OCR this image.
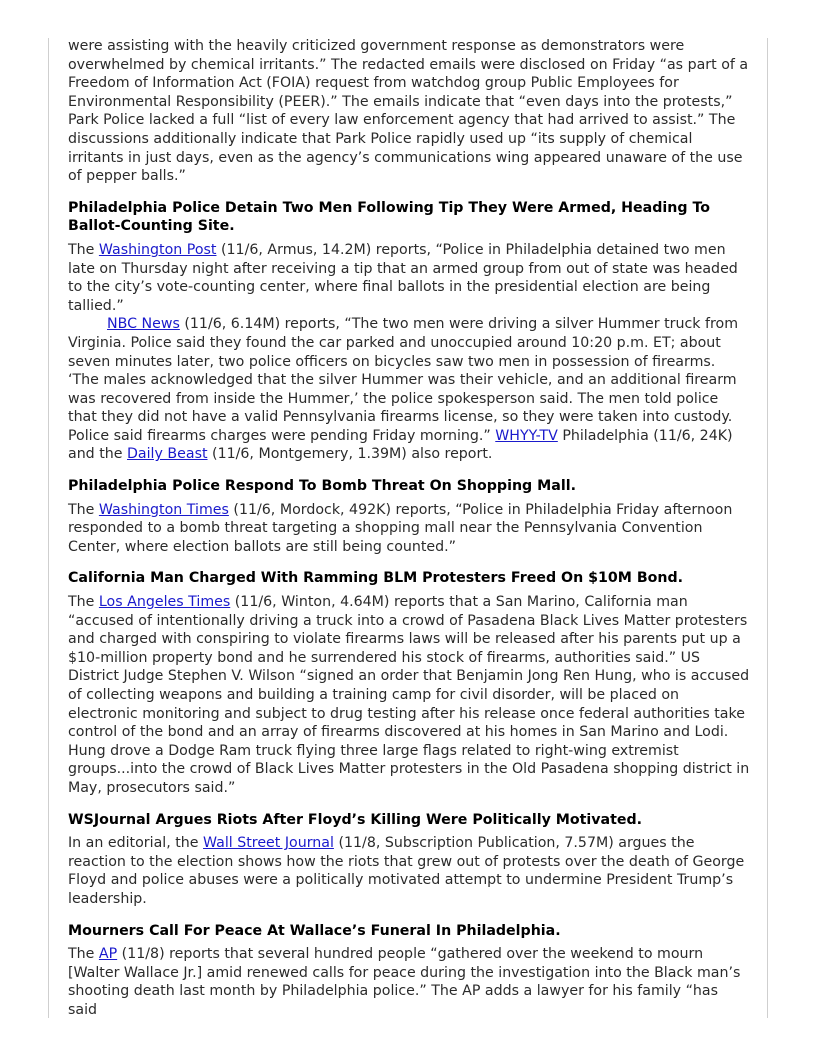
were assisting with the heavily criticized government response as demonstrators were overwhelmed by chemical irritants.” The redacted emails were disclosed on Friday “as part of a Freedom of Information Act (FOIA) request from watchdog group Public Employees for Environmental Responsibility (PEER).” The emails indicate that “even days into the protests,” Park Police lacked a full “list of every law enforcement agency that had arrived to assist.” The discussions additionally indicate that Park Police rapidly used up “its supply of chemical irritants in just days, even as the agency’s communications wing appeared unaware of the use of pepper balls.”

Philadelphia Police Detain Two Men Following Tip They Were Armed, Heading To Ballot-Counting Site.

The Washington Post (11/6, Armus, 14.2M) reports, “Police in Philadelphia detained two men late on Thursday night after receiving a tip that an armed group from out of state was headed to the city’s vote-counting center, where final ballots in the presidential election are being tallied.”

NBC News (11/6, 6.14M) reports, “The two men were driving a silver Hummer truck from Virginia. Police said they found the car parked and unoccupied around 10:20 p.m. ET; about seven minutes later, two police officers on bicycles saw two men in possession of firearms. ‘The males acknowledged that the silver Hummer was their vehicle, and an additional firearm was recovered from inside the Hummer,’ the police spokesperson said. The men told police that they did not have a valid Pennsylvania firearms license, so they were taken into custody. Police said firearms charges were pending Friday morning.” WHYY-TV Philadelphia (11/6, 24K) and the Daily Beast (11/6, Montgemery, 1.39M) also report.

Philadelphia Police Respond To Bomb Threat On Shopping Mall.

The Washington Times (11/6, Mordock, 492K) reports, “Police in Philadelphia Friday afternoon responded to a bomb threat targeting a shopping mall near the Pennsylvania Convention Center, where election ballots are still being counted.”

California Man Charged With Ramming BLM Protesters Freed On $10M Bond.

The Los Angeles Times (11/6, Winton, 4.64M) reports that a San Marino, California man “accused of intentionally driving a truck into a crowd of Pasadena Black Lives Matter protesters and charged with conspiring to violate firearms laws will be released after his parents put up a $10-million property bond and he surrendered his stock of firearms, authorities said.” US District Judge Stephen V. Wilson “signed an order that Benjamin Jong Ren Hung, who is accused of collecting weapons and building a training camp for civil disorder, will be placed on electronic monitoring and subject to drug testing after his release once federal authorities take control of the bond and an array of firearms discovered at his homes in San Marino and Lodi. Hung drove a Dodge Ram truck flying three large flags related to right-wing extremist groups...into the crowd of Black Lives Matter protesters in the Old Pasadena shopping district in May, prosecutors said.”

WSJournal Argues Riots After Floyd’s Killing Were Politically Motivated.

In an editorial, the Wall Street Journal (11/8, Subscription Publication, 7.57M) argues the reaction to the election shows how the riots that grew out of protests over the death of George Floyd and police abuses were a politically motivated attempt to undermine President Trump’s leadership.

Mourners Call For Peace At Wallace’s Funeral In Philadelphia.

The AP (11/8) reports that several hundred people “gathered over the weekend to mourn [Walter Wallace Jr.] amid renewed calls for peace during the investigation into the Black man’s shooting death last month by Philadelphia police.” The AP adds a lawyer for his family “has said
